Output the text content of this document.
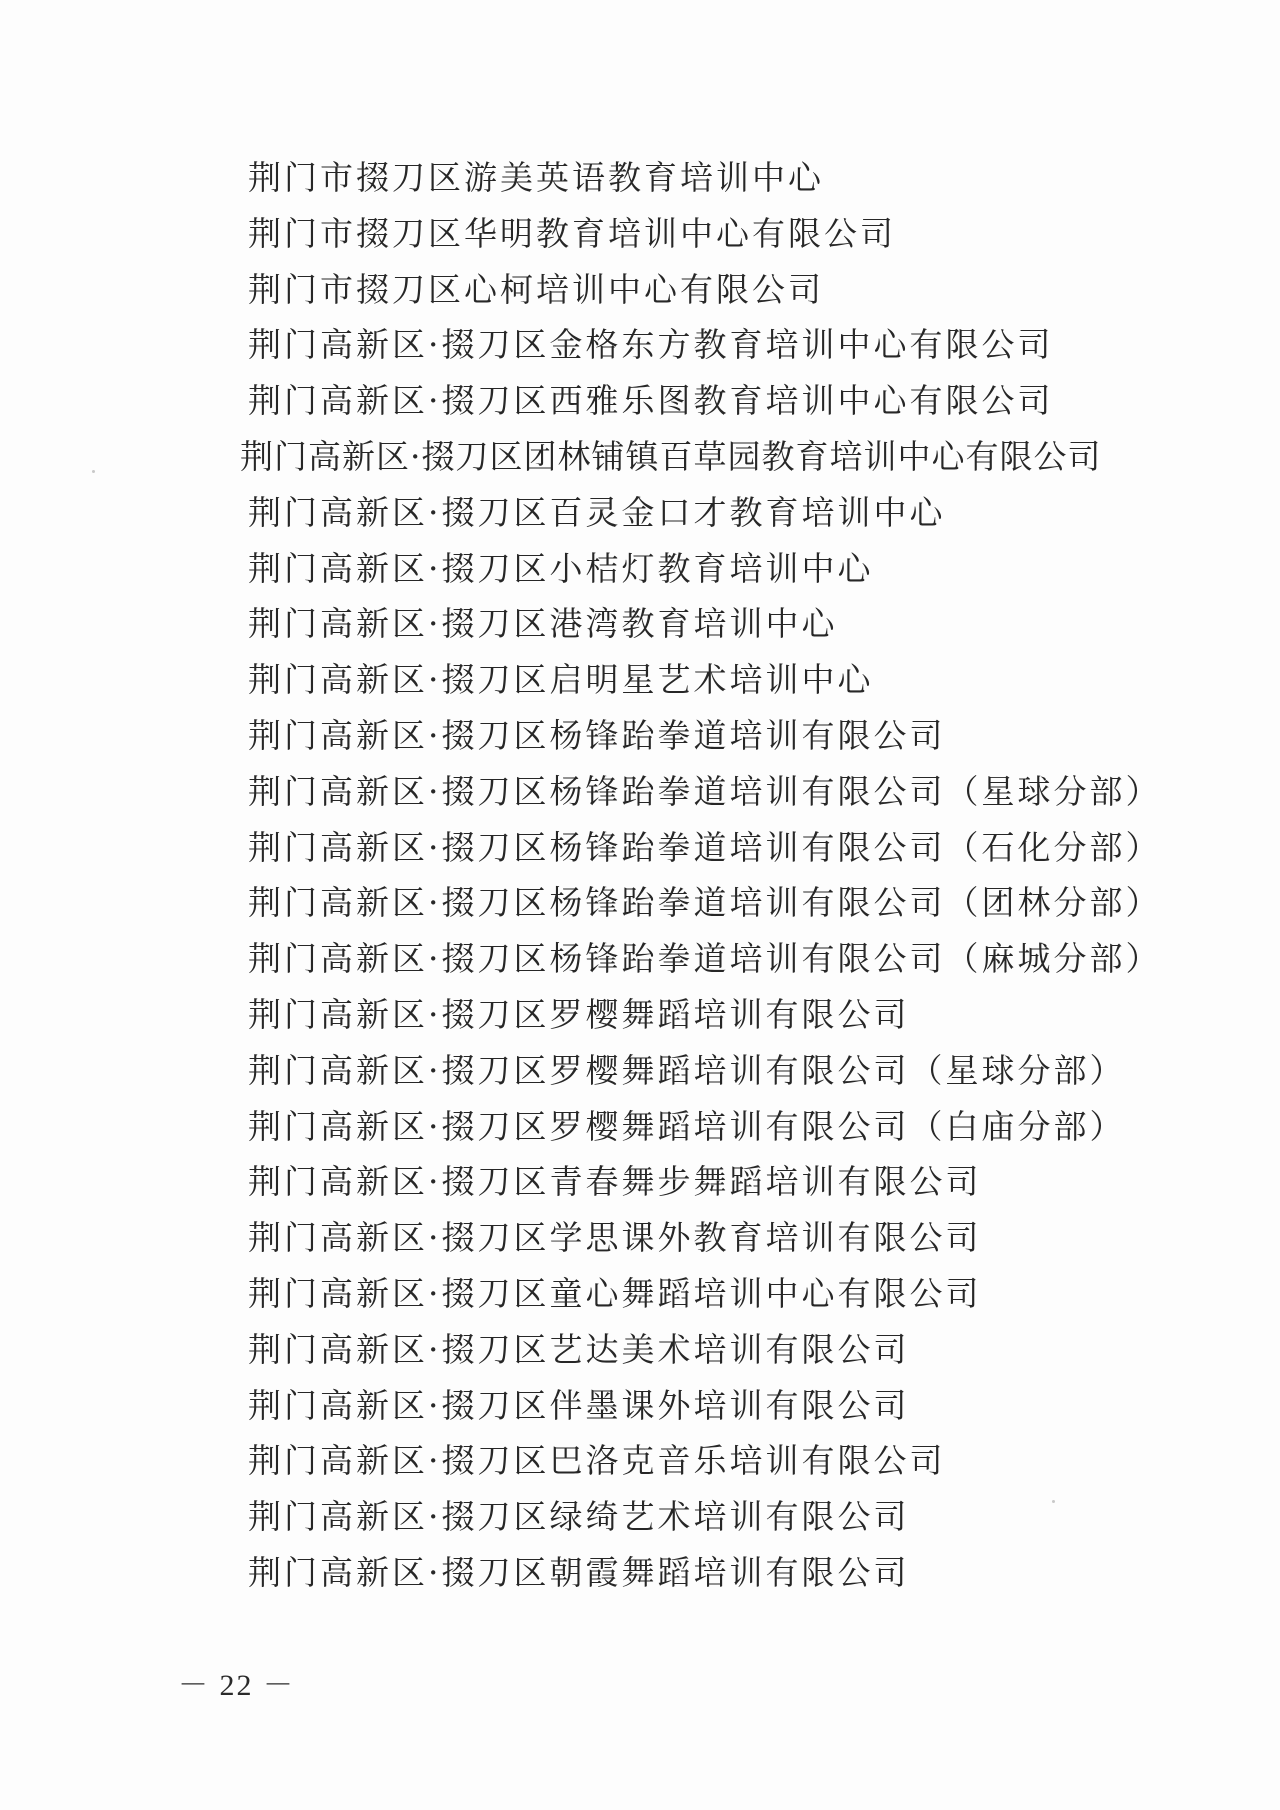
荆门市掇刀区游美英语教育培训中心
荆门市掇刀区华明教育培训中心有限公司
荆门市掇刀区心柯培训中心有限公司
荆门高新区·掇刀区金格东方教育培训中心有限公司
荆门高新区·掇刀区西雅乐图教育培训中心有限公司
荆门高新区·掇刀区团林铺镇百草园教育培训中心有限公司
荆门高新区·掇刀区百灵金口才教育培训中心
荆门高新区·掇刀区小桔灯教育培训中心
荆门高新区·掇刀区港湾教育培训中心
荆门高新区·掇刀区启明星艺术培训中心
荆门高新区·掇刀区杨锋跆拳道培训有限公司
荆门高新区·掇刀区杨锋跆拳道培训有限公司（星球分部）
荆门高新区·掇刀区杨锋跆拳道培训有限公司（石化分部）
荆门高新区·掇刀区杨锋跆拳道培训有限公司（团林分部）
荆门高新区·掇刀区杨锋跆拳道培训有限公司（麻城分部）
荆门高新区·掇刀区罗樱舞蹈培训有限公司
荆门高新区·掇刀区罗樱舞蹈培训有限公司（星球分部）
荆门高新区·掇刀区罗樱舞蹈培训有限公司（白庙分部）
荆门高新区·掇刀区青春舞步舞蹈培训有限公司
荆门高新区·掇刀区学思课外教育培训有限公司
荆门高新区·掇刀区童心舞蹈培训中心有限公司
荆门高新区·掇刀区艺达美术培训有限公司
荆门高新区·掇刀区伴墨课外培训有限公司
荆门高新区·掇刀区巴洛克音乐培训有限公司
荆门高新区·掇刀区绿绮艺术培训有限公司
荆门高新区·掇刀区朝霞舞蹈培训有限公司
－ 22 －
